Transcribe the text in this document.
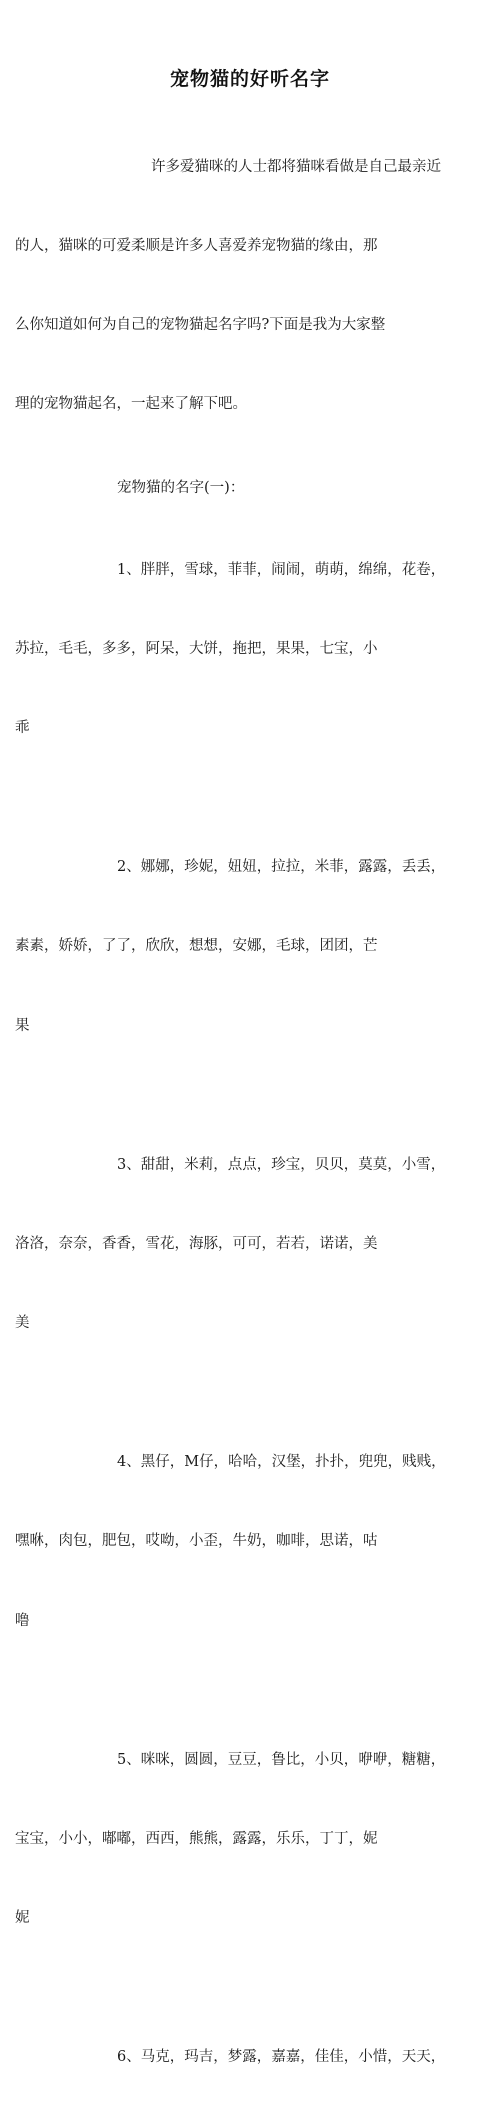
宠物猫的好听名字

许多爱猫咪的人士都将猫咪看做是自己最亲近

的人，猫咪的可爱柔顺是许多人喜爱养宠物猫的缘由，那

么你知道如何为自己的宠物猫起名字吗?下面是我为大家整

理的宠物猫起名，一起来了解下吧。

宠物猫的名字(一)：

1、胖胖，雪球，菲菲，闹闹，萌萌，绵绵，花卷，

苏拉，毛毛，多多，阿呆，大饼，拖把，果果，七宝，小

乖

2、娜娜，珍妮，妞妞，拉拉，米菲，露露，丢丢，

素素，娇娇，了了，欣欣，想想，安娜，毛球，团团，芒

果

3、甜甜，米莉，点点，珍宝，贝贝，莫莫，小雪，

洛洛，奈奈，香香，雪花，海豚，可可，若若，诺诺，美

美

4、黑仔，M仔，哈哈，汉堡，扑扑，兜兜，贱贱，

嘿咻，肉包，肥包，哎呦，小歪，牛奶，咖啡，思诺，咕

噜

5、咪咪，圆圆，豆豆，鲁比，小贝，咿咿，糖糖，

宝宝，小小，嘟嘟，西西，熊熊，露露，乐乐，丁丁，妮

妮

6、马克，玛吉，梦露，嘉嘉，佳佳，小惜，天天，
